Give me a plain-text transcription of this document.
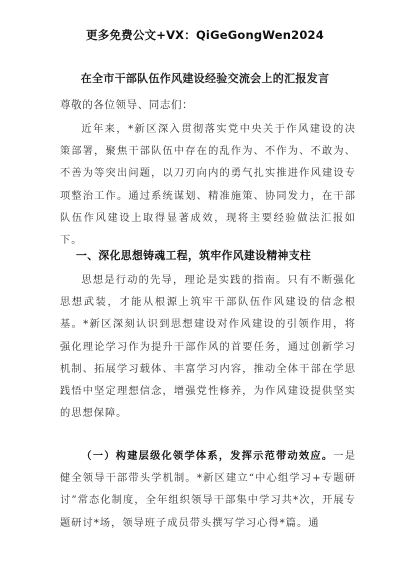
更多免费公文+VX：QiGeGongWen2024
在全市干部队伍作风建设经验交流会上的汇报发言
尊敬的各位领导、同志们：
近年来，*新区深入贯彻落实党中央关于作风建设的决策部署，聚焦干部队伍中存在的乱作为、不作为、不敢为、不善为等突出问题，以刀刃向内的勇气扎实推进作风建设专项整治工作。通过系统谋划、精准施策、协同发力，在干部队伍作风建设上取得显著成效，现将主要经验做法汇报如下。
一、深化思想铸魂工程，筑牢作风建设精神支柱
思想是行动的先导，理论是实践的指南。只有不断强化思想武装，才能从根源上筑牢干部队伍作风建设的信念根基。*新区深刻认识到思想建设对作风建设的引领作用，将强化理论学习作为提升干部作风的首要任务，通过创新学习机制、拓展学习载体、丰富学习内容，推动全体干部在学思践悟中坚定理想信念，增强党性修养，为作风建设提供坚实的思想保障。
（一）构建层级化领学体系，发挥示范带动效应。一是健全领导干部带头学机制。*新区建立“中心组学习+专题研讨”常态化制度，全年组织领导干部集中学习共*次，开展专题研讨*场，领导班子成员带头撰写学习心得*篇。通
